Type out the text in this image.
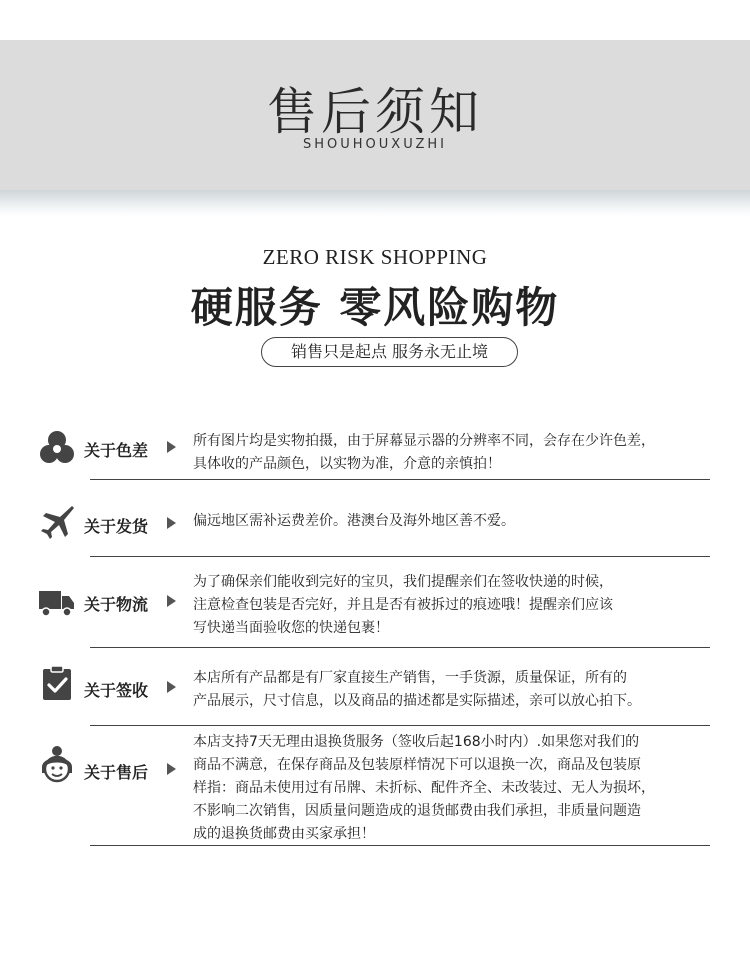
售后须知
SHOUHOUXUZHI
ZERO RISK SHOPPING
硬服务 零风险购物
销售只是起点 服务永无止境
关于色差	所有图片均是实物拍摄，由于屏幕显示器的分辨率不同，会存在少许色差，
具体收的产品颜色，以实物为准，介意的亲慎拍！
关于发货	偏远地区需补运费差价。港澳台及海外地区善不爱。
关于物流
为了确保亲们能收到完好的宝贝，我们提醒亲们在签收快递的时候，
注意检查包装是否完好，并且是否有被拆过的痕迹哦！提醒亲们应该
写快递当面验收您的快递包裹！
关于签收
本店所有产品都是有厂家直接生产销售，一手货源，质量保证，所有的
产品展示，尺寸信息，以及商品的描述都是实际描述，亲可以放心拍下。
关于售后
本店支持7天无理由退换货服务（签收后起168小时内）.如果您对我们的
商品不满意，在保存商品及包装原样情况下可以退换一次，商品及包装原
样指：商品未使用过有吊牌、未折标、配件齐全、未改装过、无人为损坏，
不影响二次销售，因质量问题造成的退货邮费由我们承担，非质量问题造
成的退换货邮费由买家承担！
